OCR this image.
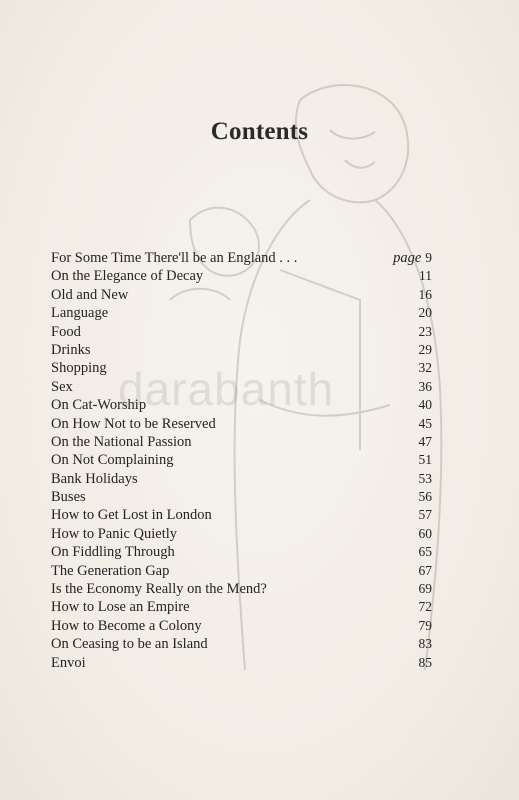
Contents
For Some Time There'll be an England . . .	page 9
On the Elegance of Decay	11
Old and New	16
Language	20
Food	23
Drinks	29
Shopping	32
Sex	36
On Cat-Worship	40
On How Not to be Reserved	45
On the National Passion	47
On Not Complaining	51
Bank Holidays	53
Buses	56
How to Get Lost in London	57
How to Panic Quietly	60
On Fiddling Through	65
The Generation Gap	67
Is the Economy Really on the Mend?	69
How to Lose an Empire	72
How to Become a Colony	79
On Ceasing to be an Island	83
Envoi	85
darabanth
